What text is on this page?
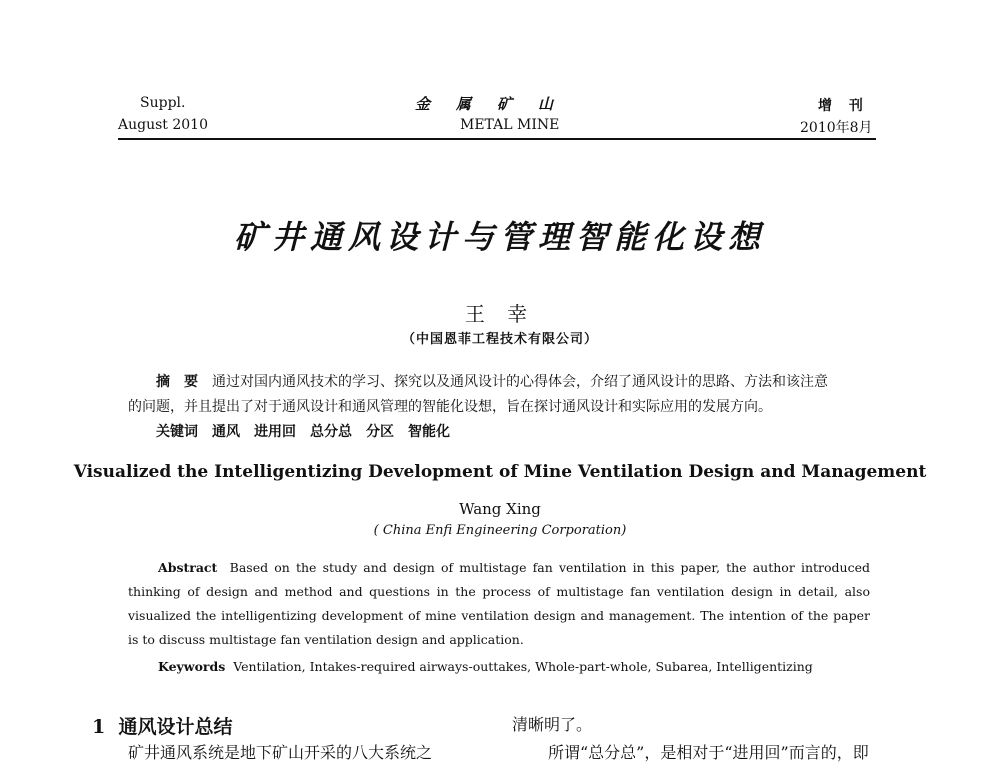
Suppl.
August 2010
金属矿山
METAL MINE
增 刊
2010年8月
矿井通风设计与管理智能化设想
王 幸
（中国恩菲工程技术有限公司）
摘　要　 通过对国内通风技术的学习、探究以及通风设计的心得体会，介绍了通风设计的思路、方法和该注意
的问题，并且提出了对于通风设计和通风管理的智能化设想，旨在探讨通风设计和实际应用的发展方向。
关键词　 通风　进用回　总分总　分区　智能化
Visualized the Intelligentizing Development of Mine Ventilation Design and Management
Wang Xing
( China Enfi Engineering Corporation)
Abstract Based on the study and design of multistage fan ventilation in this paper, the author introduced thinking of design and method and questions in the process of multistage fan ventilation design in detail, also visualized the intelligentizing development of mine ventilation design and management. The intention of the paper is to discuss multistage fan ventilation design and application.
Keywords Ventilation, Intakes-required airways-outtakes, Whole-part-whole, Subarea, Intelligentizing
1 通风设计总结
矿井通风系统是地下矿山开采的八大系统之
清晰明了。
所谓“总分总”，是相对于“进用回”而言的，即
